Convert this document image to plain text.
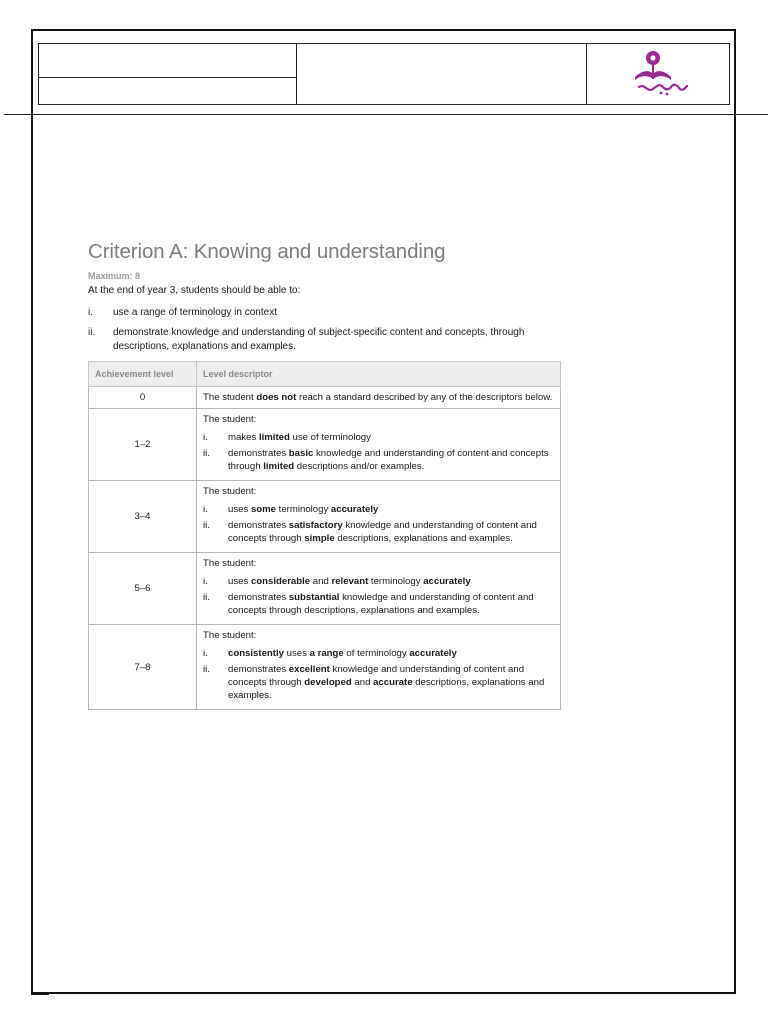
Criterion A: Knowing and understanding
Maximum: 8
At the end of year 3, students should be able to:
i.	use a range of terminology in context
ii.	demonstrate knowledge and understanding of subject-specific content and concepts, through descriptions, explanations and examples.
Achievement level	Level descriptor
0	The student does not reach a standard described by any of the descriptors below.
1–2	The student:
i. makes limited use of terminology
ii. demonstrates basic knowledge and understanding of content and concepts through limited descriptions and/or examples.

3–4	The student:
i. uses some terminology accurately
ii. demonstrates satisfactory knowledge and understanding of content and concepts through simple descriptions, explanations and examples.

5–6	The student:
i. uses considerable and relevant terminology accurately
ii. demonstrates substantial knowledge and understanding of content and concepts through descriptions, explanations and examples.

7–8	The student:
i. consistently uses a range of terminology accurately
ii. demonstrates excellent knowledge and understanding of content and concepts through developed and accurate descriptions, explanations and examples.
